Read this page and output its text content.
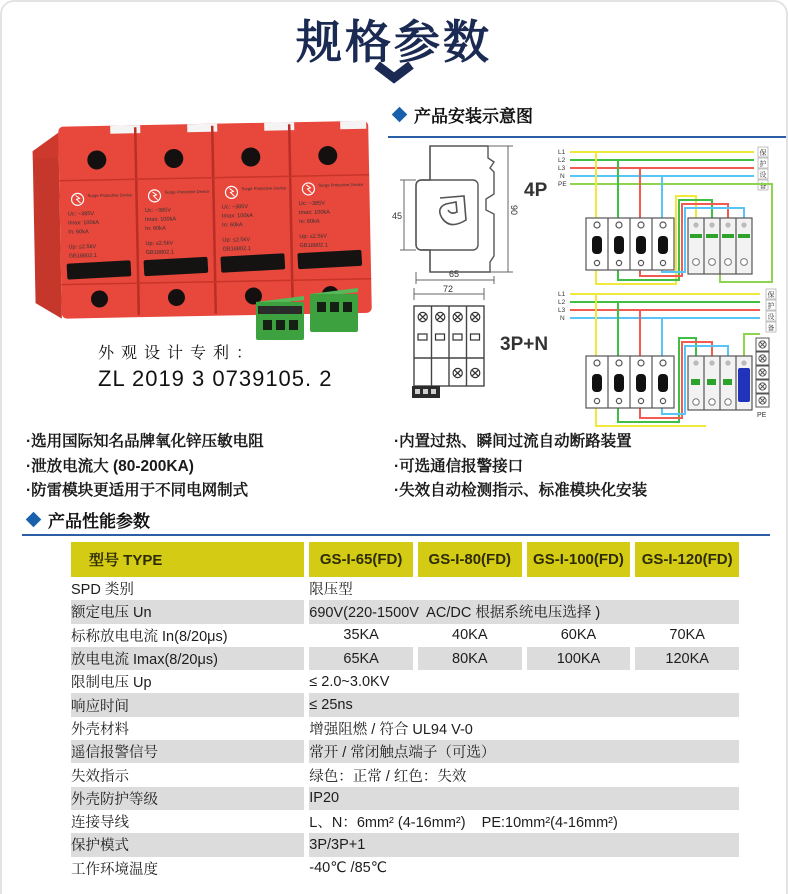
规格参数
Surge Protective Device
Uc: ~385V
Imax: 100kA
In: 60kA
Up: ≤2.5kV
GB18802.1
Surge Protective Device
Uc: ~385V
Imax: 100kA
In: 60kA
Up: ≤2.5kV
GB18802.1
Surge Protective Device
Uc: ~385V
Imax: 100kA
In: 60kA
Up: ≤2.5kV
GB18802.1
Surge Protective Device
Uc: ~385V
Imax: 100kA
In: 60kA
Up: ≤2.5kV
GB18802.1
NO C NC
外观设计专利：
ZL 2019 3 0739105. 2
产品安装示意图
45
90
65
4P
L1
L2
L3
N
PE
保
护
设
备
72
3P+N
L1
L2
L3
N
保
护
设
备
PE
·选用国际知名品牌氧化锌压敏电阻
·泄放电流大 (80-200KA)
·防雷模块更适用于不同电网制式
·内置过热、瞬间过流自动断路装置
·可选通信报警接口
·失效自动检测指示、标准模块化安装
产品性能参数
型号 TYPE	GS-I-65(FD)	GS-I-80(FD)	GS-I-100(FD)	GS-I-120(FD)
SPD 类别	限压型			
额定电压 Un	690V(220-1500V  AC/DC 根据系统电压选择 )			
标称放电电流 In(8/20μs)	35KA	40KA	60KA	70KA
放电电流 Imax(8/20μs)	65KA	80KA	100KA	120KA
限制电压 Up	≤ 2.0~3.0KV			
响应时间	≤ 25ns			
外壳材料	增强阻燃 / 符合 UL94 V-0			
遥信报警信号	常开 / 常闭触点端子（可选）			
失效指示	绿色：正常 / 红色：失效			
外壳防护等级	IP20			
连接导线	L、N：6mm² (4-16mm²)    PE:10mm²(4-16mm²)			
保护模式	3P/3P+1			
工作环境温度	-40℃ /85℃			
